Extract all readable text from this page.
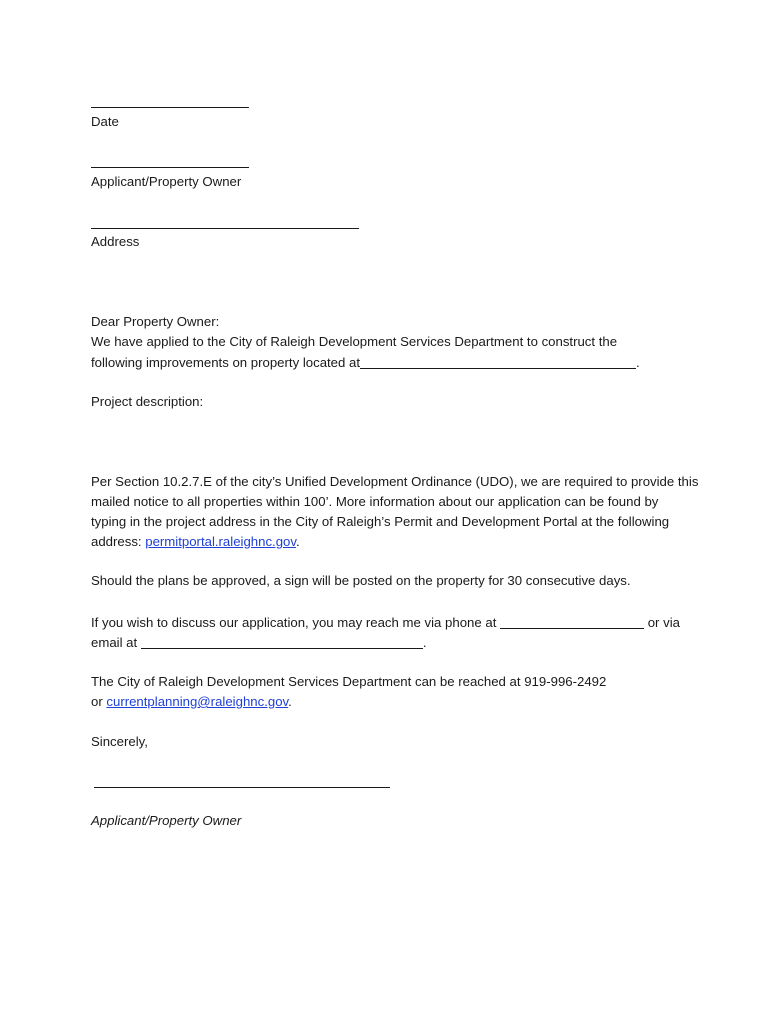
Date
Applicant/Property Owner
Address
Dear Property Owner:
We have applied to the City of Raleigh Development Services Department to construct the
following improvements on property located at	.
Project description:
Per Section 10.2.7.E of the city’s Unified Development Ordinance (UDO), we are required to provide this
mailed notice to all properties within 100’. More information about our application can be found by
typing in the project address in the City of Raleigh’s Permit and Development Portal at the following
address: permitportal.raleighnc.gov.
Should the plans be approved, a sign will be posted on the property for 30 consecutive days.
If you wish to discuss our application, you may reach me via phone at	or via
email at	.
The City of Raleigh Development Services Department can be reached at 919-996-2492
or currentplanning@raleighnc.gov.
Sincerely,
Applicant/Property Owner
